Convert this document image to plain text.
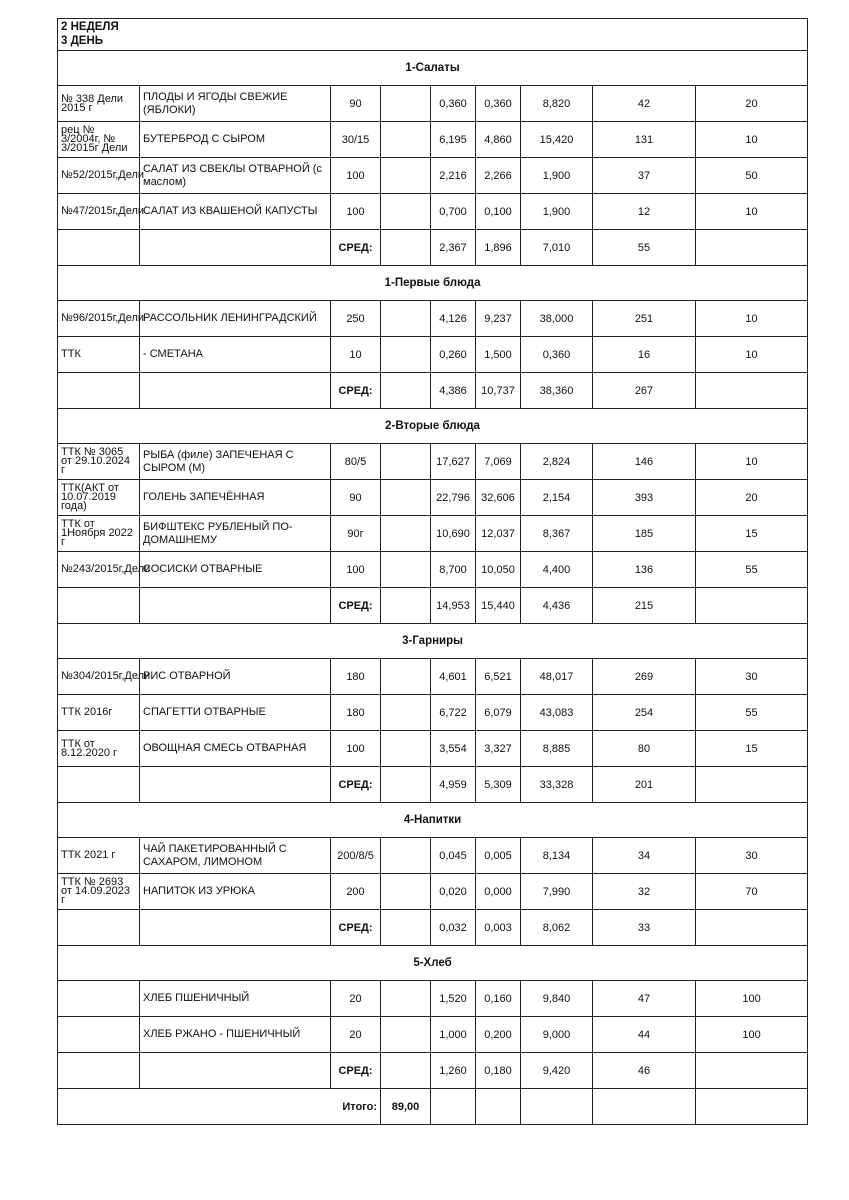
2 НЕДЕЛЯ
3 ДЕНЬ								

1-Салаты								
№ 338 Дели 2015 г	ПЛОДЫ И ЯГОДЫ СВЕЖИЕ (ЯБЛОКИ)	90		0,360	0,360	8,820	42	20
рец № 3/2004г, № 3/2015г Дели	БУТЕРБРОД С СЫРОМ	30/15		6,195	4,860	15,420	131	10
№52/2015г,Дели	САЛАТ ИЗ СВЕКЛЫ ОТВАРНОЙ (с маслом)	100		2,216	2,266	1,900	37	50
№47/2015г,Дели	САЛАТ ИЗ КВАШЕНОЙ КАПУСТЫ	100		0,700	0,100	1,900	12	10
		СРЕД:		2,367	1,896	7,010	55	
1-Первые блюда								
№96/2015г,Дели	РАССОЛЬНИК ЛЕНИНГРАДСКИЙ	250		4,126	9,237	38,000	251	10
ТТК	- СМЕТАНА	10		0,260	1,500	0,360	16	10
		СРЕД:		4,386	10,737	38,360	267	
2-Вторые блюда								
ТТК № 3065 от 29.10.2024 г	РЫБА (филе) ЗАПЕЧЕНАЯ С СЫРОМ (М)	80/5		17,627	7,069	2,824	146	10
ТТК(АКТ от 10.07.2019 года)	ГОЛЕНЬ ЗАПЕЧЁННАЯ	90		22,796	32,606	2,154	393	20
ТТК от 1Ноября 2022 г	БИФШТЕКС РУБЛЕНЫЙ ПО-ДОМАШНЕМУ	90г		10,690	12,037	8,367	185	15
№243/2015г,Дели	СОСИСКИ ОТВАРНЫЕ	100		8,700	10,050	4,400	136	55
		СРЕД:		14,953	15,440	4,436	215	
3-Гарниры								
№304/2015г,Дели	РИС ОТВАРНОЙ	180		4,601	6,521	48,017	269	30
ТТК 2016г	СПАГЕТТИ ОТВАРНЫЕ	180		6,722	6,079	43,083	254	55
ТТК от 8.12.2020 г	ОВОЩНАЯ СМЕСЬ ОТВАРНАЯ	100		3,554	3,327	8,885	80	15
		СРЕД:		4,959	5,309	33,328	201	
4-Напитки								
ТТК 2021 г	ЧАЙ ПАКЕТИРОВАННЫЙ С САХАРОМ, ЛИМОНОМ	200/8/5		0,045	0,005	8,134	34	30
ТТК № 2693 от 14.09.2023 г	НАПИТОК ИЗ УРЮКА	200		0,020	0,000	7,990	32	70
		СРЕД:		0,032	0,003	8,062	33	
5-Хлеб								
	ХЛЕБ ПШЕНИЧНЫЙ	20		1,520	0,160	9,840	47	100
	ХЛЕБ РЖАНО - ПШЕНИЧНЫЙ	20		1,000	0,200	9,000	44	100
		СРЕД:		1,260	0,180	9,420	46	
Итого:			89,00					
